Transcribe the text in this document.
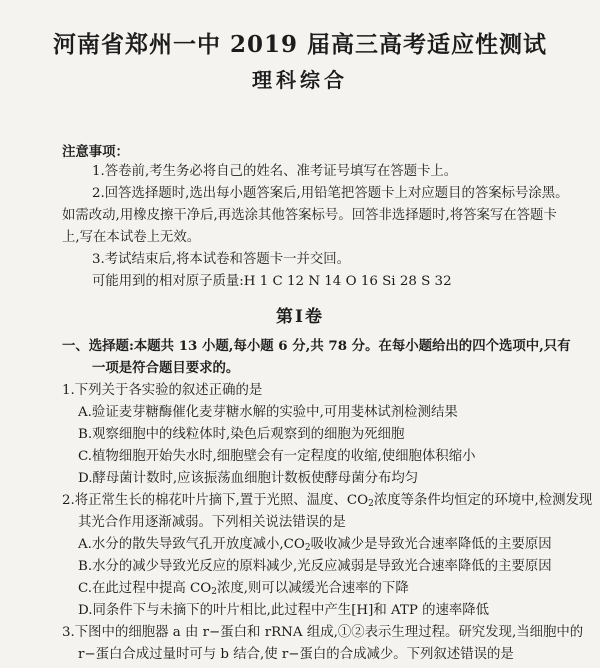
河南省郑州一中 2019 届高三高考适应性测试
理科综合
注意事项：
1.答卷前,考生务必将自己的姓名、准考证号填写在答题卡上。
2.回答选择题时,选出每小题答案后,用铅笔把答题卡上对应题目的答案标号涂黑。
如需改动,用橡皮擦干净后,再选涂其他答案标号。回答非选择题时,将答案写在答题卡
上,写在本试卷上无效。
3.考试结束后,将本试卷和答题卡一并交回。
可能用到的相对原子质量:H 1 C 12 N 14 O 16 Si 28 S 32
第Ⅰ卷
一、选择题:本题共 13 小题,每小题 6 分,共 78 分。在每小题给出的四个选项中,只有
一项是符合题目要求的。
1.下列关于各实验的叙述正确的是
A.验证麦芽糖酶催化麦芽糖水解的实验中,可用斐林试剂检测结果
B.观察细胞中的线粒体时,染色后观察到的细胞为死细胞
C.植物细胞开始失水时,细胞壁会有一定程度的收缩,使细胞体积缩小
D.酵母菌计数时,应该振荡血细胞计数板使酵母菌分布均匀
2.将正常生长的棉花叶片摘下,置于光照、温度、$CO_2$浓度等条件均恒定的环境中,检测发现
其光合作用逐渐减弱。下列相关说法错误的是
A.水分的散失导致气孔开放度减小$,CO_2$吸收减少是导致光合速率降低的主要原因
B.水分的减少导致光反应的原料减少,光反应减弱是导致光合速率降低的主要原因
C.在此过程中提高 $CO_2$浓度,则可以减缓光合速率的下降
D.同条件下与未摘下的叶片相比,此过程中产生[H]和 ATP 的速率降低
3.下图中的细胞器 a 由 r−蛋白和 rRNA 组成,①②表示生理过程。研究发现,当细胞中的
r−蛋白合成过量时可与 b 结合,使 r−蛋白的合成减少。下列叙述错误的是
